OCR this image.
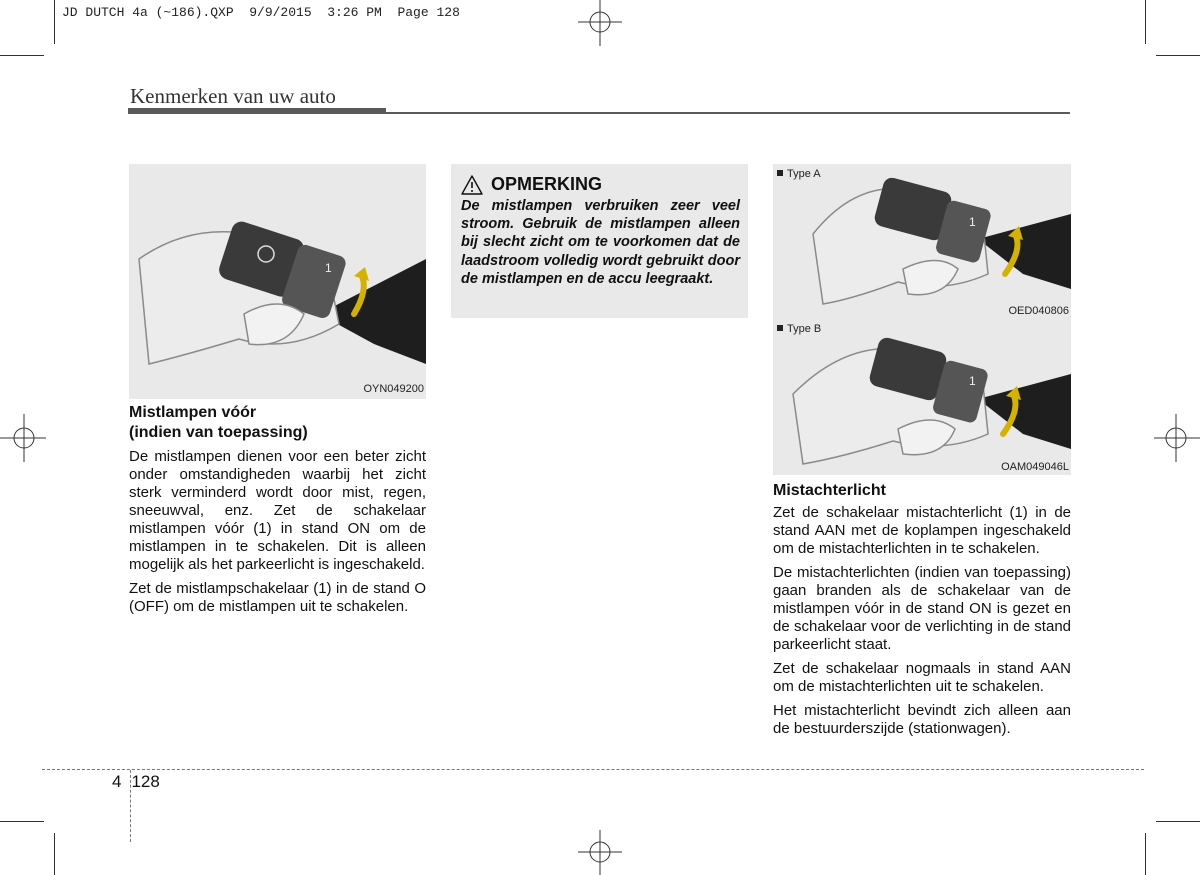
JD DUTCH 4a (~186).QXP  9/9/2015  3:26 PM  Page 128
Kenmerken van uw auto
1
OYN049200
Mistlampen vóór
(indien van toepassing)

De mistlampen dienen voor een beter zicht onder omstandigheden waarbij het zicht sterk verminderd wordt door mist, regen, sneeuwval, enz. Zet de schakelaar mistlampen vóór (1) in stand ON om de mistlampen in te schakelen. Dit is alleen mogelijk als het parkeerlicht is ingeschakeld.

Zet de mistlampschakelaar (1) in de stand O (OFF) om de mistlampen uit te schakelen.

OPMERKING
De mistlampen verbruiken zeer veel stroom. Gebruik de mistlampen alleen bij slecht zicht om te voorkomen dat de laadstroom volledig wordt gebruikt door de mistlampen en de accu leegraakt.
Type A
1
OED040806
Type B
1
OAM049046L
Mistachterlicht

Zet de schakelaar mistachterlicht (1) in de stand AAN met de koplampen ingeschakeld om de mistachterlichten in te schakelen.

De mistachterlichten (indien van toepassing) gaan branden als de schakelaar van de mistlampen vóór in de stand ON is gezet en de schakelaar voor de verlichting in de stand parkeerlicht staat.

Zet de schakelaar nogmaals in stand AAN om de mistachterlichten uit te schakelen.

Het mistachterlicht bevindt zich alleen aan de bestuurderszijde (stationwagen).

4 128
